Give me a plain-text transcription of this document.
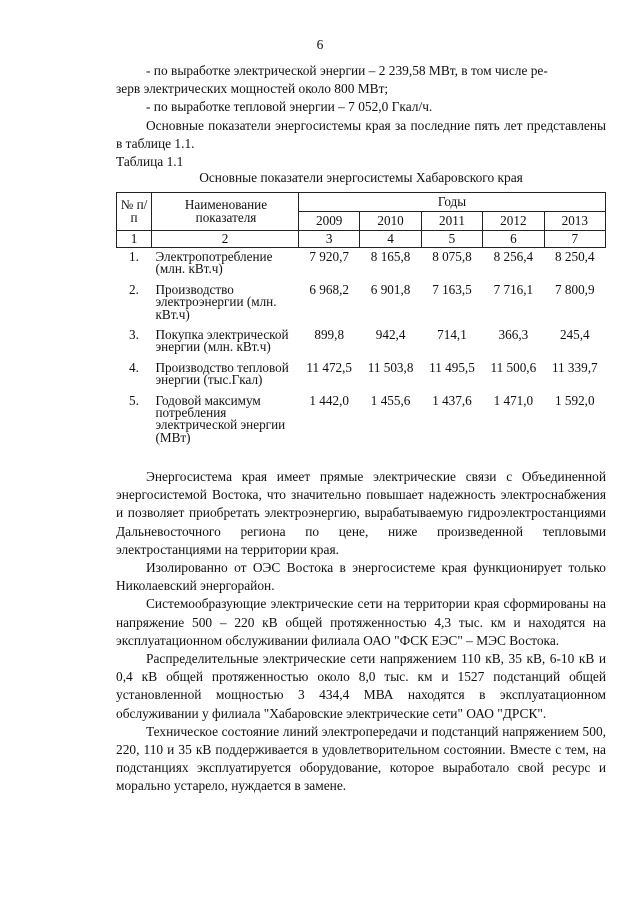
6

- по выработке электрической энергии – 2 239,58 МВт, в том числе ре-

зерв электрических мощностей около 800 МВт;

- по выработке тепловой энергии – 7 052,0 Гкал/ч.

Основные показатели энергосистемы края за последние пять лет представлены в таблице 1.1.

Таблица 1.1

Основные показатели энергосистемы Хабаровского края

№ п/п	Наименование показателя	Годы				
		2009	2010	2011	2012	2013
1	2	3	4	5	6	7
1.	Электропотребление (млн. кВт.ч)	7 920,7	8 165,8	8 075,8	8 256,4	8 250,4
2.	Производство электроэнергии (млн. кВт.ч)	6 968,2	6 901,8	7 163,5	7 716,1	7 800,9
3.	Покупка электрической энергии (млн. кВт.ч)	899,8	942,4	714,1	366,3	245,4
4.	Производство тепловой энергии (тыс.Гкал)	11 472,5	11 503,8	11 495,5	11 500,6	11 339,7
5.	Годовой максимум потребления электрической энергии (МВт)	1 442,0	1 455,6	1 437,6	1 471,0	1 592,0

Энергосистема края имеет прямые электрические связи с Объединенной энергосистемой Востока, что значительно повышает надежность электроснабжения и позволяет приобретать электроэнергию, вырабатываемую гидроэлектростанциями Дальневосточного региона по цене, ниже произведенной тепловыми электростанциями на территории края.

Изолированно от ОЭС Востока в энергосистеме края функционирует только Николаевский энергорайон.

Системообразующие электрические сети на территории края сформированы на напряжение 500 – 220 кВ общей протяженностью 4,3 тыс. км и находятся на эксплуатационном обслуживании филиала ОАО "ФСК ЕЭС" – МЭС Востока.

Распределительные электрические сети напряжением 110 кВ, 35 кВ, 6-10 кВ и 0,4 кВ общей протяженностью около 8,0 тыс. км и 1527 подстанций общей установленной мощностью 3 434,4 МВА находятся в эксплуатационном обслуживании у филиала "Хабаровские электрические сети" ОАО "ДРСК".

Техническое состояние линий электропередачи и подстанций напряжением 500, 220, 110 и 35 кВ поддерживается в удовлетворительном состоянии. Вместе с тем, на подстанциях эксплуатируется оборудование, которое выработало свой ресурс и морально устарело, нуждается в замене.
